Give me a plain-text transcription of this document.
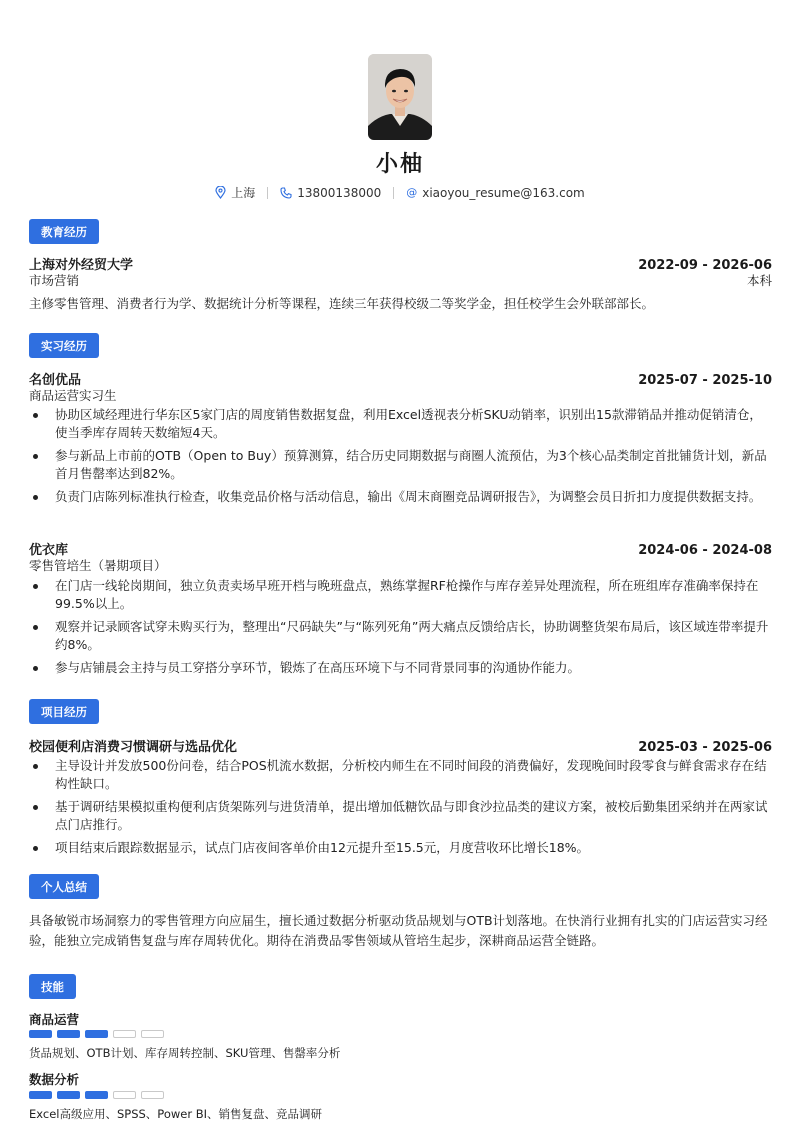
小柚
上海	13800138000 @ xiaoyou_resume@163.com
教育经历
上海对外经贸大学	2022-09 - 2026-06
市场营销	本科
主修零售管理、消费者行为学、数据统计分析等课程，连续三年获得校级二等奖学金，担任校学生会外联部部长。
实习经历
名创优品	2025-07 - 2025-10
商品运营实习生
协助区域经理进行华东区5家门店的周度销售数据复盘，利用Excel透视表分析SKU动销率，识别出15款滞销品并推动促销清仓，使当季库存周转天数缩短4天。
参与新品上市前的OTB（Open to Buy）预算测算，结合历史同期数据与商圈人流预估，为3个核心品类制定首批铺货计划，新品首月售罄率达到82%。
负责门店陈列标准执行检查，收集竞品价格与活动信息，输出《周末商圈竞品调研报告》，为调整会员日折扣力度提供数据支持。
优衣库	2024-06 - 2024-08
零售管培生（暑期项目）
在门店一线轮岗期间，独立负责卖场早班开档与晚班盘点，熟练掌握RF枪操作与库存差异处理流程，所在班组库存准确率保持在99.5%以上。
观察并记录顾客试穿未购买行为，整理出“尺码缺失”与“陈列死角”两大痛点反馈给店长，协助调整货架布局后，该区域连带率提升约8%。
参与店铺晨会主持与员工穿搭分享环节，锻炼了在高压环境下与不同背景同事的沟通协作能力。
项目经历
校园便利店消费习惯调研与选品优化	2025-03 - 2025-06
主导设计并发放500份问卷，结合POS机流水数据，分析校内师生在不同时间段的消费偏好，发现晚间时段零食与鲜食需求存在结构性缺口。
基于调研结果模拟重构便利店货架陈列与进货清单，提出增加低糖饮品与即食沙拉品类的建议方案，被校后勤集团采纳并在两家试点门店推行。
项目结束后跟踪数据显示，试点门店夜间客单价由12元提升至15.5元，月度营收环比增长18%。
个人总结
具备敏锐市场洞察力的零售管理方向应届生，擅长通过数据分析驱动货品规划与OTB计划落地。在快消行业拥有扎实的门店运营实习经验，能独立完成销售复盘与库存周转优化。期待在消费品零售领域从管培生起步，深耕商品运营全链路。
技能
商品运营
货品规划、OTB计划、库存周转控制、SKU管理、售罄率分析
数据分析
Excel高级应用、SPSS、Power BI、销售复盘、竞品调研
